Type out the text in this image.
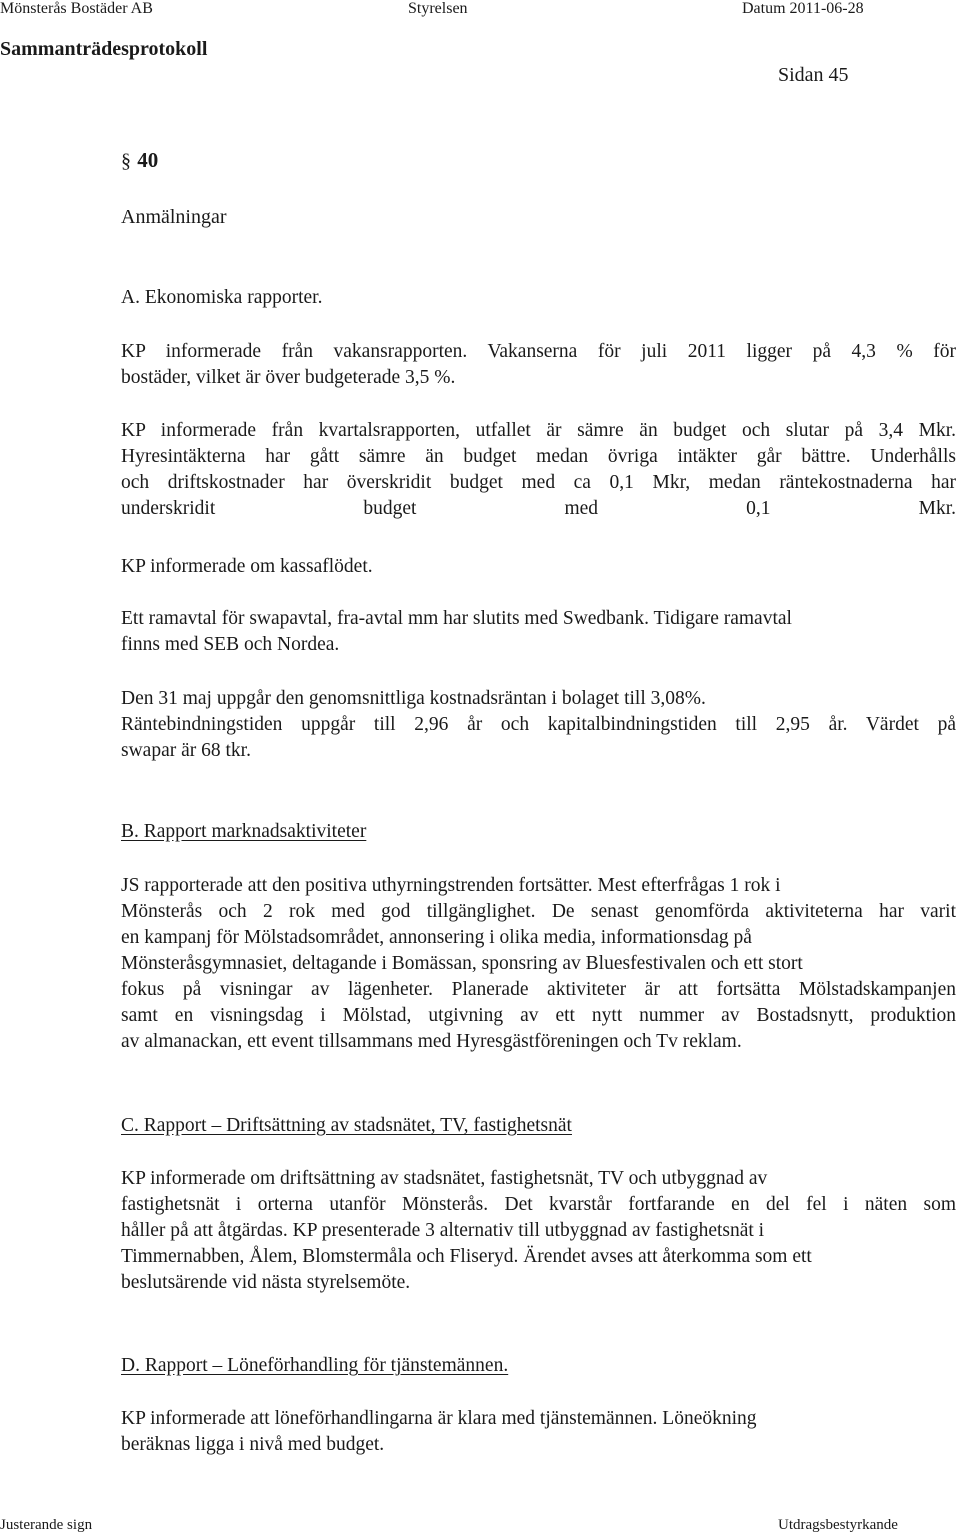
Mönsterås Bostäder AB	Styrelsen	Datum 2011-06-28
Sammanträdesprotokoll
Sidan 45
§ 40
Anmälningar
A. Ekonomiska rapporter.
KP informerade från vakansrapporten. Vakanserna för juli 2011 ligger på 4,3 % för
bostäder, vilket är över budgeterade 3,5 %.
KP informerade från kvartalsrapporten, utfallet är sämre än budget och slutar på 3,4 Mkr.
Hyresintäkterna har gått sämre än budget medan övriga intäkter går bättre. Underhålls
och driftskostnader har överskridit budget med ca 0,1 Mkr, medan räntekostnaderna har
underskridit budget med 0,1 Mkr.
KP informerade om kassaflödet.
Ett ramavtal för swapavtal, fra-avtal mm har slutits med Swedbank. Tidigare ramavtal
finns med SEB och Nordea.
Den 31 maj uppgår den genomsnittliga kostnadsräntan i bolaget till 3,08%.
Räntebindningstiden uppgår till 2,96 år och kapitalbindningstiden till 2,95 år. Värdet på
swapar är 68 tkr.
B. Rapport marknadsaktiviteter
JS rapporterade att den positiva uthyrningstrenden fortsätter. Mest efterfrågas 1 rok i
Mönsterås och 2 rok med god tillgänglighet. De senast genomförda aktiviteterna har varit
en kampanj för Mölstadsområdet, annonsering i olika media, informationsdag på
Mönsteråsgymnasiet, deltagande i Bomässan, sponsring av Bluesfestivalen och ett stort
fokus på visningar av lägenheter. Planerade aktiviteter är att fortsätta Mölstadskampanjen
samt en visningsdag i Mölstad, utgivning av ett nytt nummer av Bostadsnytt, produktion
av almanackan, ett event tillsammans med Hyresgästföreningen och Tv reklam.
C. Rapport – Driftsättning av stadsnätet, TV, fastighetsnät
KP informerade om driftsättning av stadsnätet, fastighetsnät, TV och utbyggnad av
fastighetsnät i orterna utanför Mönsterås. Det kvarstår fortfarande en del fel i näten som
håller på att åtgärdas. KP presenterade 3 alternativ till utbyggnad av fastighetsnät i
Timmernabben, Ålem, Blomstermåla och Fliseryd. Ärendet avses att återkomma som ett
beslutsärende vid nästa styrelsemöte.
D. Rapport – Löneförhandling för tjänstemännen.
KP informerade att löneförhandlingarna är klara med tjänstemännen. Löneökning
beräknas ligga i nivå med budget.
Justerande sign	Utdragsbestyrkande
